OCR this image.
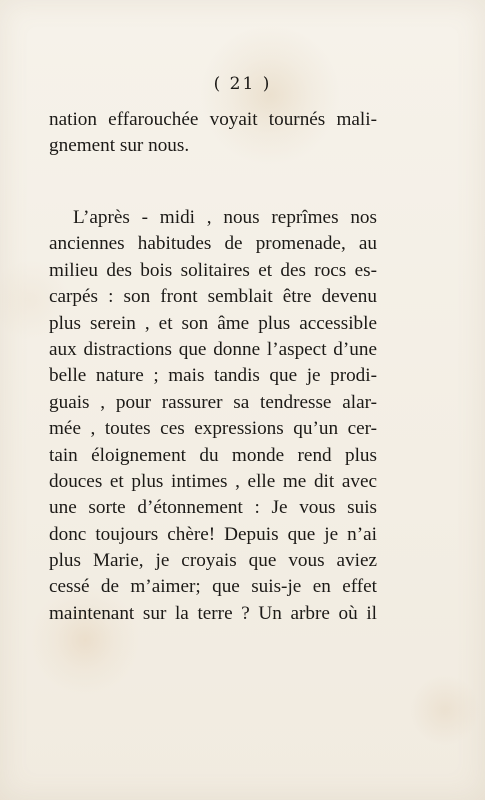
( 21 )
nation effarouchée voyait tournés mali-
gnement sur nous.
L’après - midi , nous reprîmes nos
anciennes habitudes de promenade, au
milieu des bois solitaires et des rocs es-
carpés : son front semblait être devenu
plus serein , et son âme plus accessible
aux distractions que donne l’aspect d’une
belle nature ; mais tandis que je prodi-
guais , pour rassurer sa tendresse alar-
mée , toutes ces expressions qu’un cer-
tain éloignement du monde rend plus
douces et plus intimes , elle me dit avec
une sorte d’étonnement : Je vous suis
donc toujours chère! Depuis que je n’ai
plus Marie, je croyais que vous aviez
cessé de m’aimer; que suis-je en effet
maintenant sur la terre ? Un arbre où il
